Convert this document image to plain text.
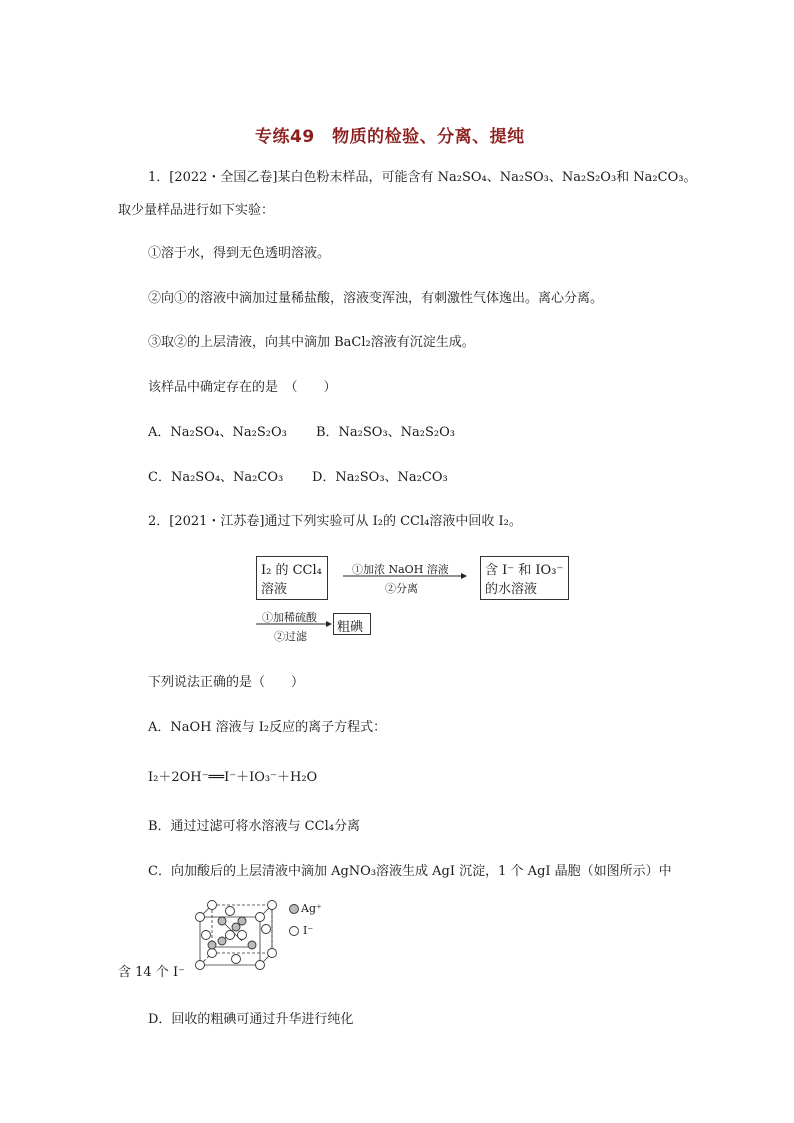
专练49　物质的检验、分离、提纯
1．[2022・全国乙卷]某白色粉末样品，可能含有 Na₂SO₄、Na₂SO₃、Na₂S₂O₃和 Na₂CO₃。
取少量样品进行如下实验：
①溶于水，得到无色透明溶液。
②向①的溶液中滴加过量稀盐酸，溶液变浑浊，有刺激性气体逸出。离心分离。
③取②的上层清液，向其中滴加 BaCl₂溶液有沉淀生成。
该样品中确定存在的是　（　　）
A．Na₂SO₄、Na₂S₂O₃ B．Na₂SO₃、Na₂S₂O₃
C．Na₂SO₄、Na₂CO₃ D．Na₂SO₃、Na₂CO₃
2．[2021・江苏卷]通过下列实验可从 I₂的 CCl₄溶液中回收 I₂。
I₂ 的 CCl₄
溶液
①加浓 NaOH 溶液
②分离
含 I⁻ 和 IO₃⁻
的水溶液
①加稀硫酸
②过滤
粗碘
下列说法正确的是（　　）
A．NaOH 溶液与 I₂反应的离子方程式：
I₂＋2OH⁻══I⁻＋IO₃⁻＋H₂O
B．通过过滤可将水溶液与 CCl₄分离
C．向加酸后的上层清液中滴加 AgNO₃溶液生成 AgI 沉淀，1 个 AgI 晶胞（如图所示）中
Ag⁺
I⁻
含 14 个 I⁻
D．回收的粗碘可通过升华进行纯化
